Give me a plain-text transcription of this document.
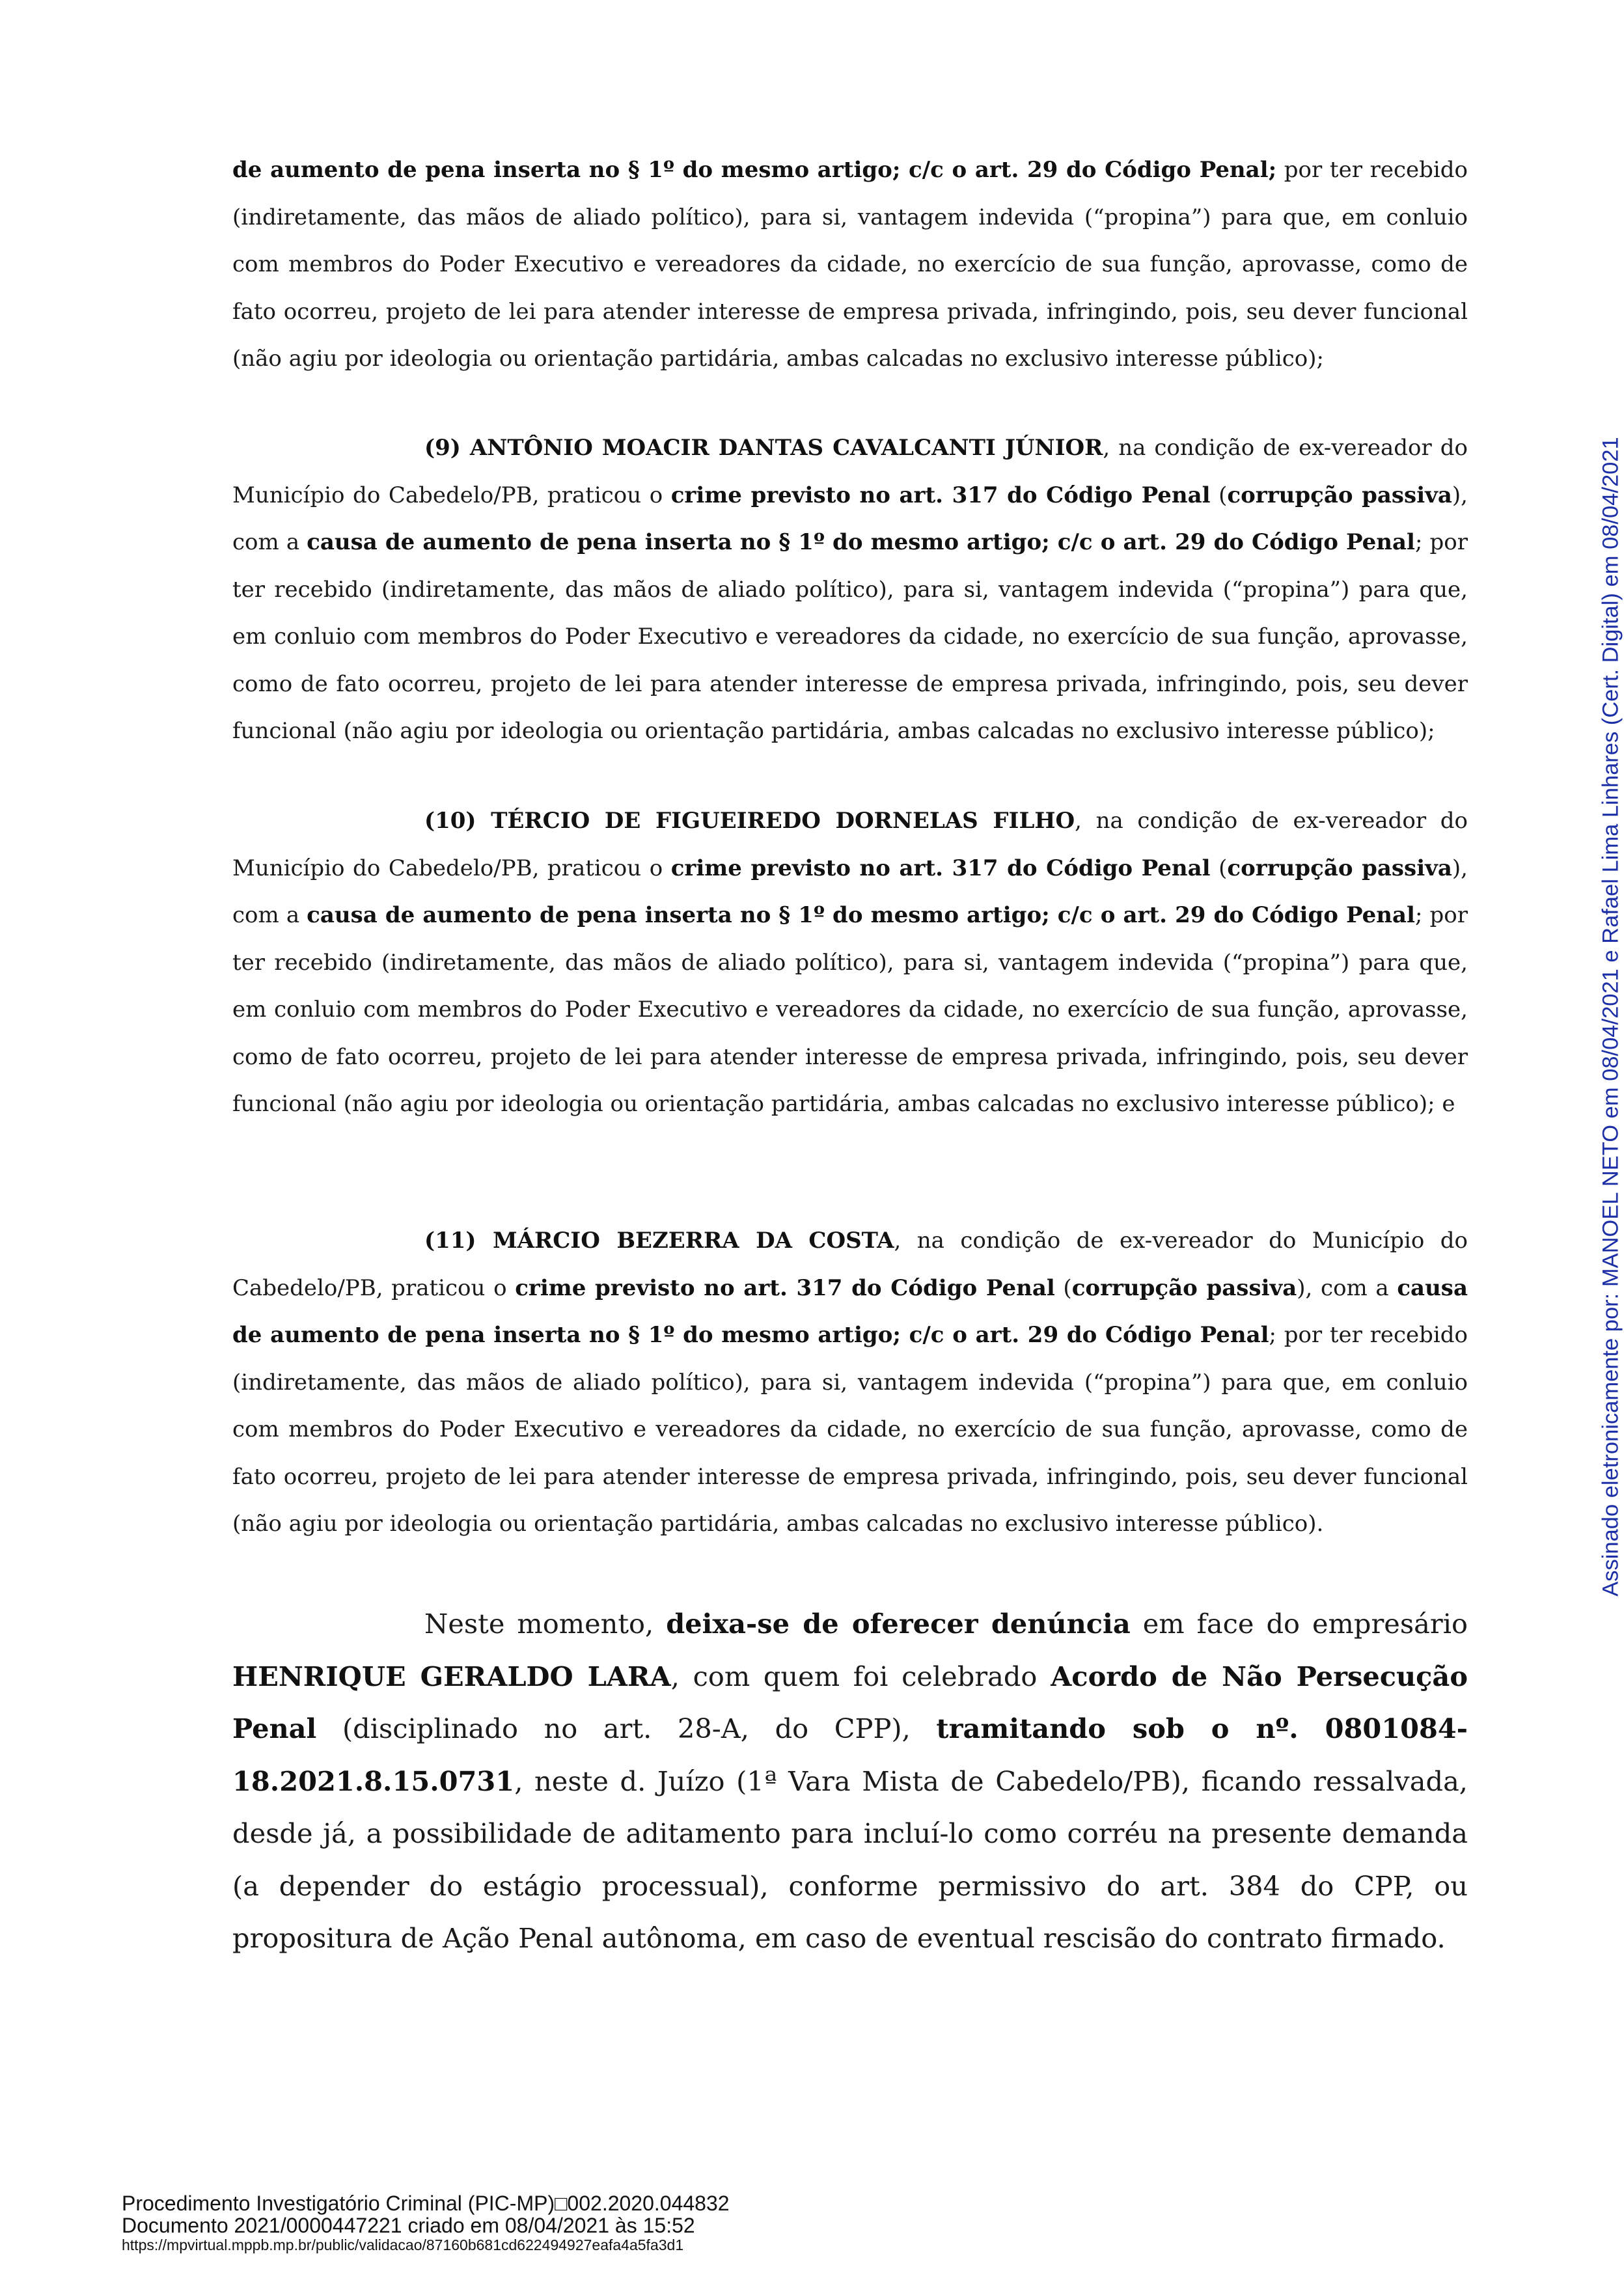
de aumento de pena inserta no § 1º do mesmo artigo; c/c o art. 29 do Código Penal; por ter recebido (indiretamente, das mãos de aliado político), para si, vantagem indevida (“propina”) para que, em conluio com membros do Poder Executivo e vereadores da cidade, no exercício de sua função, aprovasse, como de fato ocorreu, projeto de lei para atender interesse de empresa privada, infringindo, pois, seu dever funcional (não agiu por ideologia ou orientação partidária, ambas calcadas no exclusivo interesse público);

(9) ANTÔNIO MOACIR DANTAS CAVALCANTI JÚNIOR, na condição de ex-vereador do Município do Cabedelo/PB, praticou o crime previsto no art. 317 do Código Penal (corrupção passiva), com a causa de aumento de pena inserta no § 1º do mesmo artigo; c/c o art. 29 do Código Penal; por ter recebido (indiretamente, das mãos de aliado político), para si, vantagem indevida (“propina”) para que, em conluio com membros do Poder Executivo e vereadores da cidade, no exercício de sua função, aprovasse, como de fato ocorreu, projeto de lei para atender interesse de empresa privada, infringindo, pois, seu dever funcional (não agiu por ideologia ou orientação partidária, ambas calcadas no exclusivo interesse público);

(10) TÉRCIO DE FIGUEIREDO DORNELAS FILHO, na condição de ex-vereador do Município do Cabedelo/PB, praticou o crime previsto no art. 317 do Código Penal (corrupção passiva), com a causa de aumento de pena inserta no § 1º do mesmo artigo; c/c o art. 29 do Código Penal; por ter recebido (indiretamente, das mãos de aliado político), para si, vantagem indevida (“propina”) para que, em conluio com membros do Poder Executivo e vereadores da cidade, no exercício de sua função, aprovasse, como de fato ocorreu, projeto de lei para atender interesse de empresa privada, infringindo, pois, seu dever funcional (não agiu por ideologia ou orientação partidária, ambas calcadas no exclusivo interesse público); e

(11) MÁRCIO BEZERRA DA COSTA, na condição de ex-vereador do Município do Cabedelo/PB, praticou o crime previsto no art. 317 do Código Penal (corrupção passiva), com a causa de aumento de pena inserta no § 1º do mesmo artigo; c/c o art. 29 do Código Penal; por ter recebido (indiretamente, das mãos de aliado político), para si, vantagem indevida (“propina”) para que, em conluio com membros do Poder Executivo e vereadores da cidade, no exercício de sua função, aprovasse, como de fato ocorreu, projeto de lei para atender interesse de empresa privada, infringindo, pois, seu dever funcional (não agiu por ideologia ou orientação partidária, ambas calcadas no exclusivo interesse público).

Neste momento, deixa-se de oferecer denúncia em face do empresário HENRIQUE GERALDO LARA, com quem foi celebrado Acordo de Não Persecução Penal (disciplinado no art. 28-A, do CPP), tramitando sob o nº. 0801084-18.2021.8.15.0731, neste d. Juízo (1ª Vara Mista de Cabedelo/PB), ficando ressalvada, desde já, a possibilidade de aditamento para incluí-lo como corréu na presente demanda (a depender do estágio processual), conforme permissivo do art. 384 do CPP, ou propositura de Ação Penal autônoma, em caso de eventual rescisão do contrato firmado.

Assinado eletronicamente por: MANOEL NETO em 08/04/2021 e Rafael Lima Linhares (Cert. Digital) em 08/04/2021
Procedimento Investigatório Criminal (PIC-MP)□002.2020.044832
Documento 2021/0000447221 criado em 08/04/2021 às 15:52
https://mpvirtual.mppb.mp.br/public/validacao/87160b681cd622494927eafa4a5fa3d1
